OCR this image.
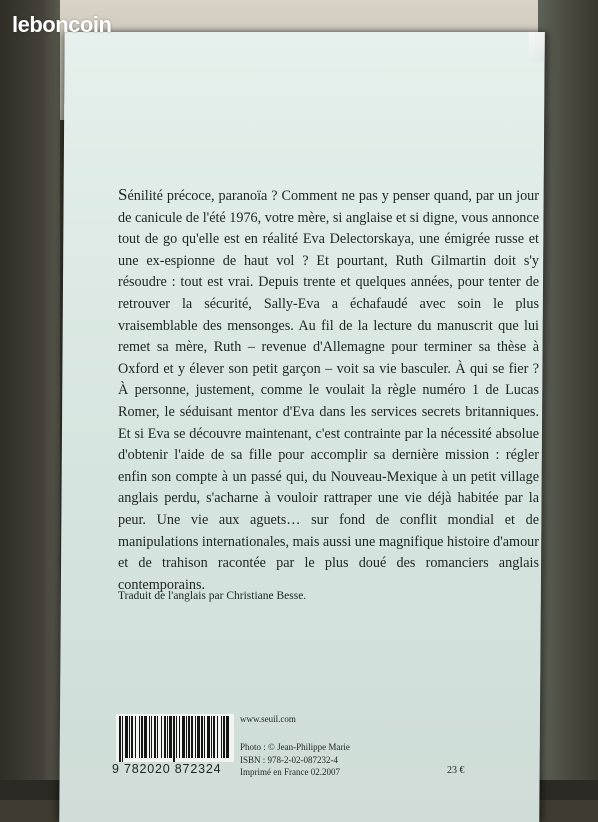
leboncoin

Sénilité précoce, paranoïa ? Comment ne pas y penser quand, par un jour de canicule de l'été 1976, votre mère, si anglaise et si digne, vous annonce tout de go qu'elle est en réalité Eva Delectorskaya, une émigrée russe et une ex-espionne de haut vol ? Et pourtant, Ruth Gilmartin doit s'y résoudre : tout est vrai. Depuis trente et quelques années, pour tenter de retrouver la sécurité, Sally-Eva a échafaudé avec soin le plus vraisemblable des mensonges. Au fil de la lecture du manuscrit que lui remet sa mère, Ruth – revenue d'Allemagne pour terminer sa thèse à Oxford et y élever son petit garçon – voit sa vie basculer. À qui se fier ? À personne, justement, comme le voulait la règle numéro 1 de Lucas Romer, le séduisant mentor d'Eva dans les services secrets britanniques. Et si Eva se découvre maintenant, c'est contrainte par la nécessité absolue d'obtenir l'aide de sa fille pour accomplir sa dernière mission : régler enfin son compte à un passé qui, du Nouveau-Mexique à un petit village anglais perdu, s'acharne à vouloir rattraper une vie déjà habitée par la peur. Une vie aux aguets… sur fond de conflit mondial et de manipulations internationales, mais aussi une magnifique histoire d'amour et de trahison racontée par le plus doué des romanciers anglais contemporains.

Traduit de l'anglais par Christiane Besse.
9 782020 872324
www.seuil.com
Photo : © Jean-Philippe Marie
ISBN : 978-2-02-087232-4
Imprimé en France 02.2007	23 €
